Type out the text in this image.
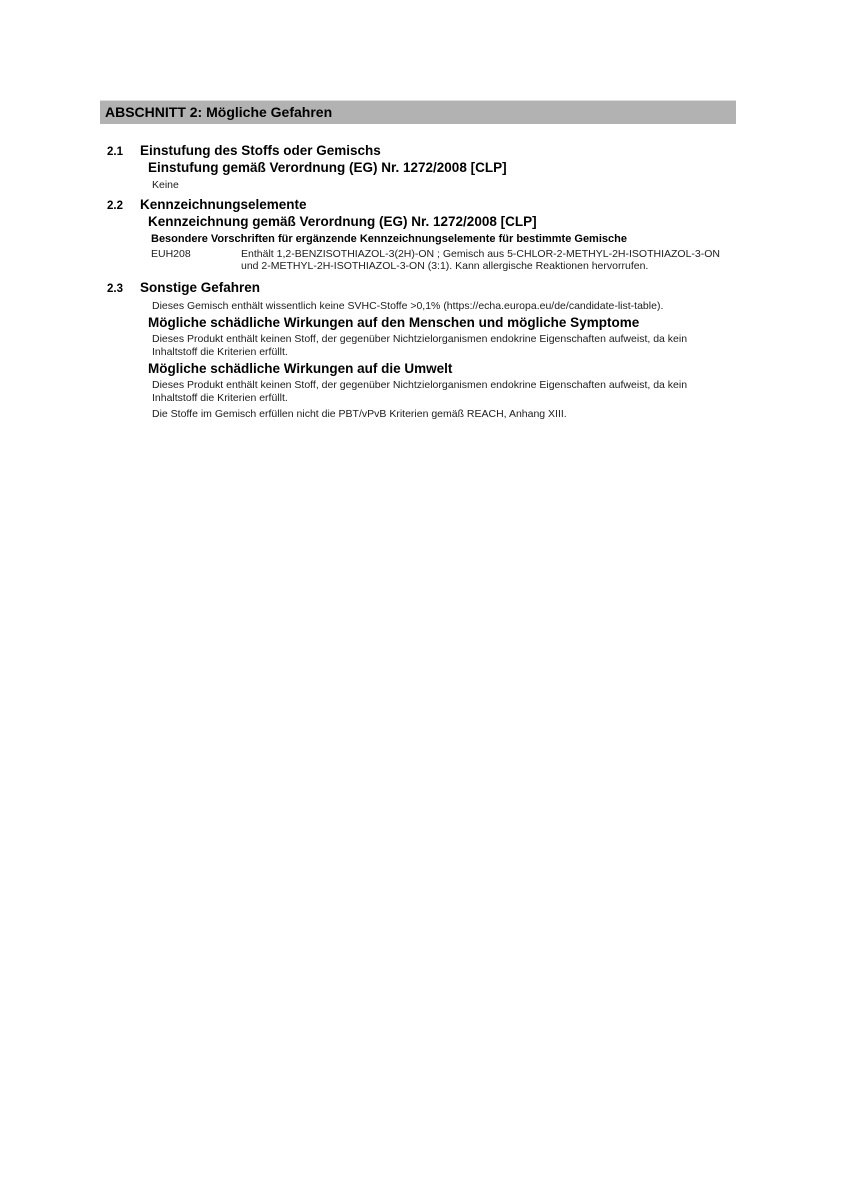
ABSCHNITT 2: Mögliche Gefahren
2.1	Einstufung des Stoffs oder Gemischs
Einstufung gemäß Verordnung (EG) Nr. 1272/2008 [CLP]
Keine
2.2	Kennzeichnungselemente
Kennzeichnung gemäß Verordnung (EG) Nr. 1272/2008 [CLP]
Besondere Vorschriften für ergänzende Kennzeichnungselemente für bestimmte Gemische
EUH208	Enthält 1,2-BENZISOTHIAZOL-3(2H)-ON ; Gemisch aus 5-CHLOR-2-METHYL-2H-ISOTHIAZOL-3-ON und 2-METHYL-2H-ISOTHIAZOL-3-ON (3:1). Kann allergische Reaktionen hervorrufen.
2.3	Sonstige Gefahren
Dieses Gemisch enthält wissentlich keine SVHC-Stoffe >0,1% (https://echa.europa.eu/de/candidate-list-table).
Mögliche schädliche Wirkungen auf den Menschen und mögliche Symptome
Dieses Produkt enthält keinen Stoff, der gegenüber Nichtzielorganismen endokrine Eigenschaften aufweist, da kein Inhaltstoff die Kriterien erfüllt.
Mögliche schädliche Wirkungen auf die Umwelt
Dieses Produkt enthält keinen Stoff, der gegenüber Nichtzielorganismen endokrine Eigenschaften aufweist, da kein Inhaltstoff die Kriterien erfüllt.
Die Stoffe im Gemisch erfüllen nicht die PBT/vPvB Kriterien gemäß REACH, Anhang XIII.
